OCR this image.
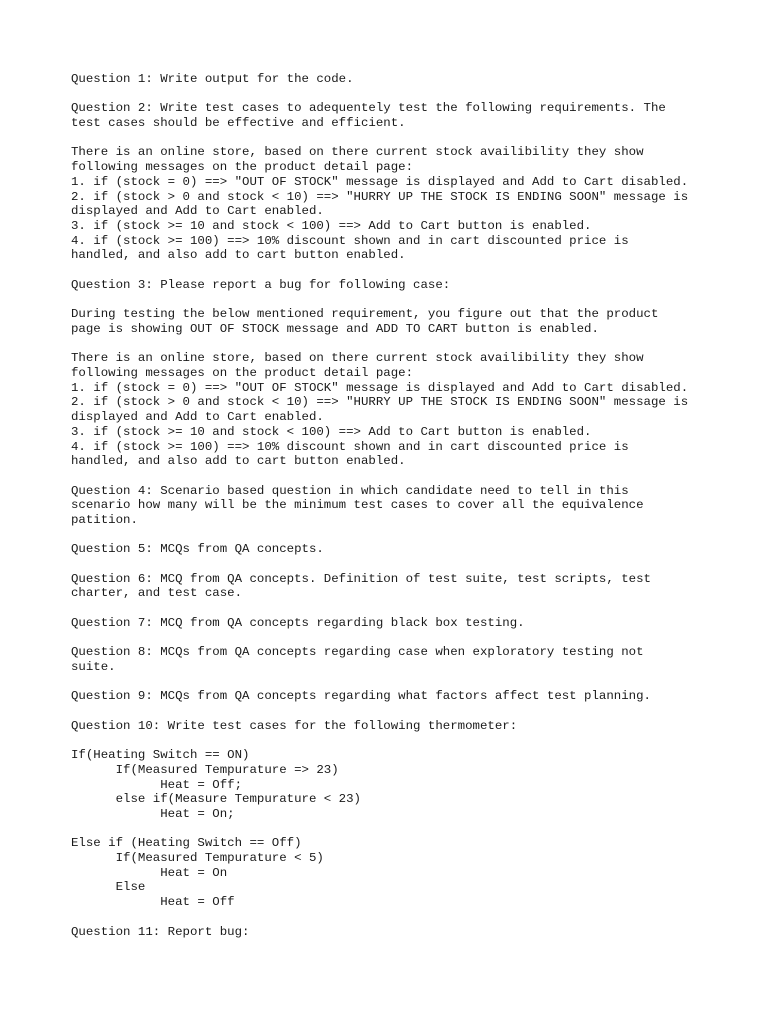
Question 1: Write output for the code.
Question 2: Write test cases to adequentely test the following requirements. The
test cases should be effective and efficient.
There is an online store, based on there current stock availibility they show
following messages on the product detail page:
1. if (stock = 0) ==> "OUT OF STOCK" message is displayed and Add to Cart disabled.
2. if (stock > 0 and stock < 10) ==> "HURRY UP THE STOCK IS ENDING SOON" message is
displayed and Add to Cart enabled.
3. if (stock >= 10 and stock < 100) ==> Add to Cart button is enabled.
4. if (stock >= 100) ==> 10% discount shown and in cart discounted price is
handled, and also add to cart button enabled.
Question 3: Please report a bug for following case:
During testing the below mentioned requirement, you figure out that the product
page is showing OUT OF STOCK message and ADD TO CART button is enabled.
There is an online store, based on there current stock availibility they show
following messages on the product detail page:
1. if (stock = 0) ==> "OUT OF STOCK" message is displayed and Add to Cart disabled.
2. if (stock > 0 and stock < 10) ==> "HURRY UP THE STOCK IS ENDING SOON" message is
displayed and Add to Cart enabled.
3. if (stock >= 10 and stock < 100) ==> Add to Cart button is enabled.
4. if (stock >= 100) ==> 10% discount shown and in cart discounted price is
handled, and also add to cart button enabled.
Question 4: Scenario based question in which candidate need to tell in this
scenario how many will be the minimum test cases to cover all the equivalence
patition.
Question 5: MCQs from QA concepts.
Question 6: MCQ from QA concepts. Definition of test suite, test scripts, test
charter, and test case.
Question 7: MCQ from QA concepts regarding black box testing.
Question 8: MCQs from QA concepts regarding case when exploratory testing not
suite.
Question 9: MCQs from QA concepts regarding what factors affect test planning.
Question 10: Write test cases for the following thermometer:
If(Heating Switch == ON)
If(Measured Tempurature => 23)
Heat = Off;
else if(Measure Tempurature < 23)
Heat = On;
Else if (Heating Switch == Off)
If(Measured Tempurature < 5)
Heat = On
Else
Heat = Off
Question 11: Report bug:
